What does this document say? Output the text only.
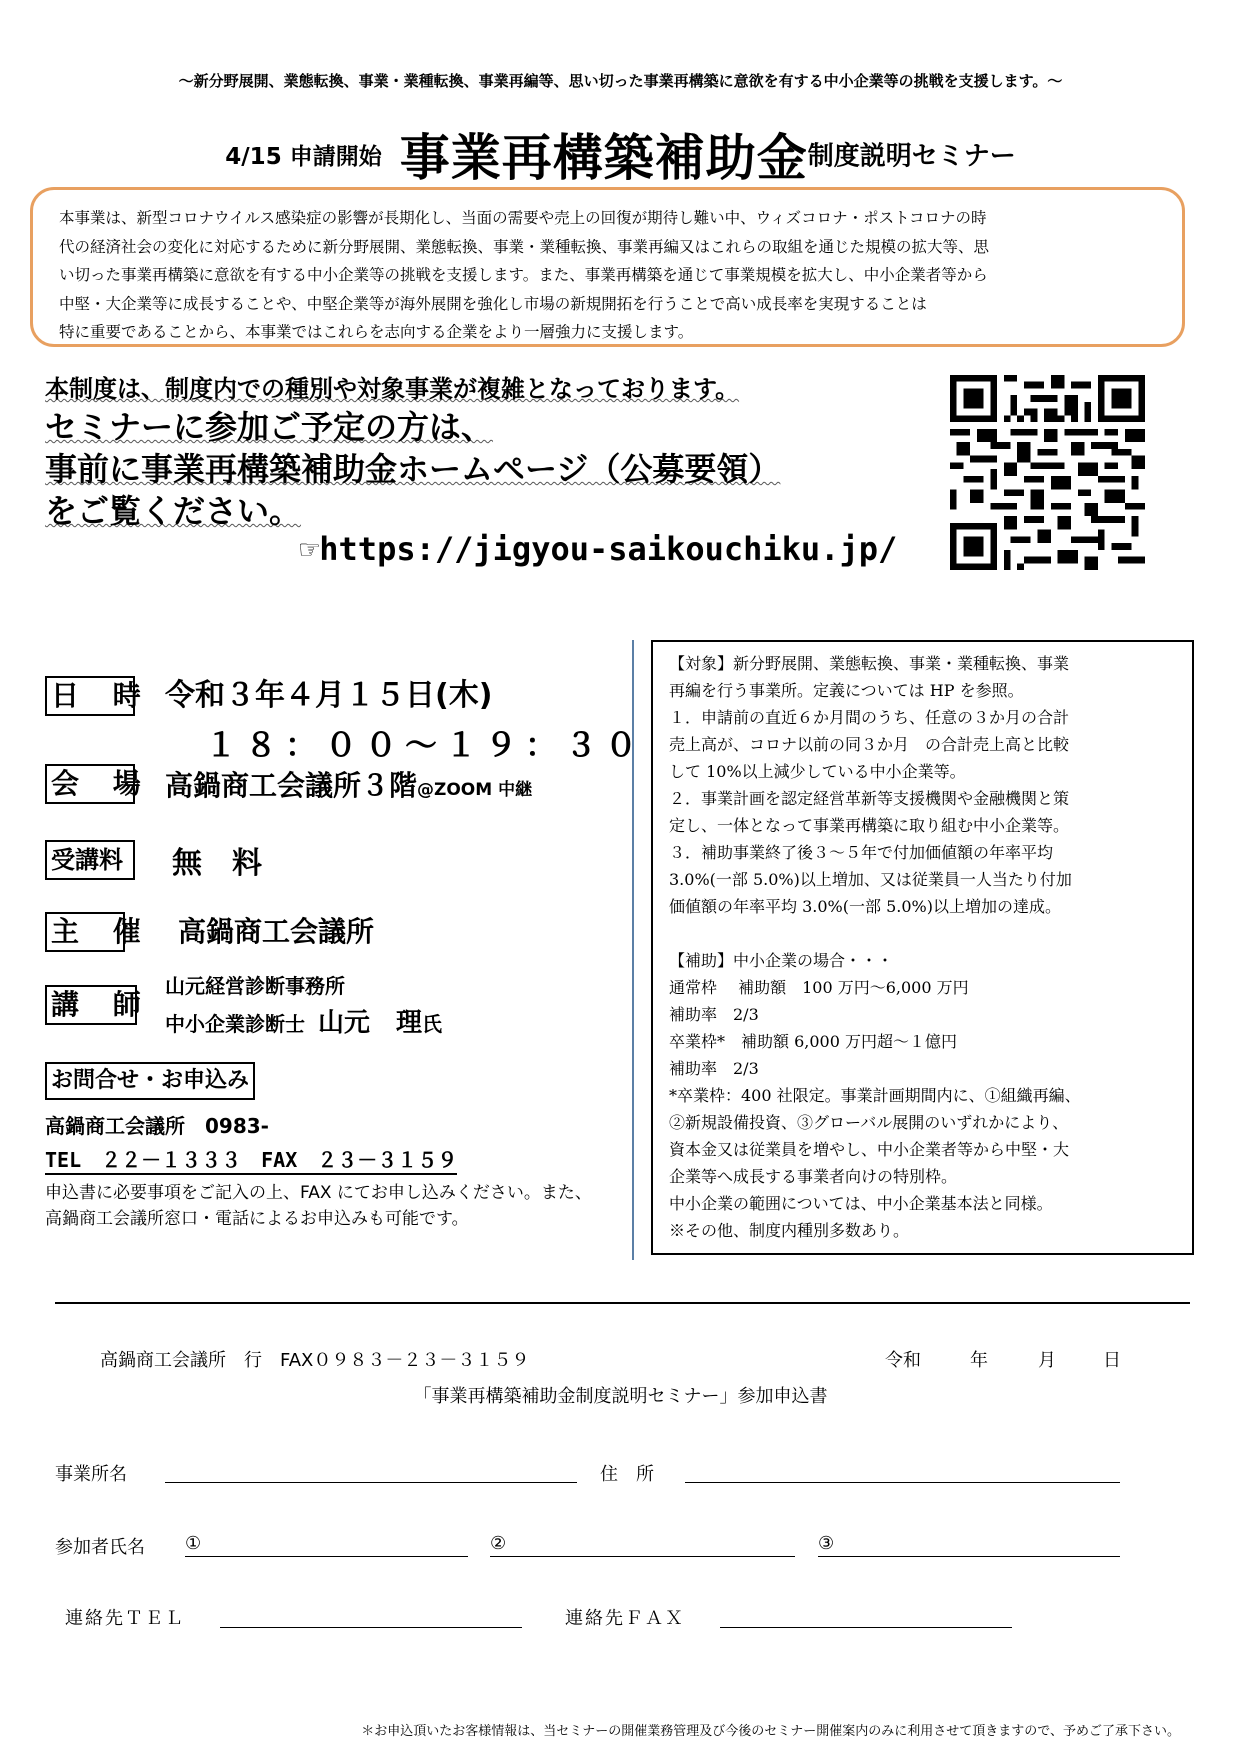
～新分野展開、業態転換、事業・業種転換、事業再編等、思い切った事業再構築に意欲を有する中小企業等の挑戦を支援します。～
4/15 申請開始 事業再構築補助金制度説明セミナー
本事業は、新型コロナウイルス感染症の影響が長期化し、当面の需要や売上の回復が期待し難い中、ウィズコロナ・ポストコロナの時
代の経済社会の変化に対応するために新分野展開、業態転換、事業・業種転換、事業再編又はこれらの取組を通じた規模の拡大等、思
い切った事業再構築に意欲を有する中小企業等の挑戦を支援します。また、事業再構築を通じて事業規模を拡大し、中小企業者等から
中堅・大企業等に成長することや、中堅企業等が海外展開を強化し市場の新規開拓を行うことで高い成長率を実現することは
特に重要であることから、本事業ではこれらを志向する企業をより一層強力に支援します。
本制度は、制度内での種別や対象事業が複雑となっております。
セミナーに参加ご予定の方は、
事前に事業再構築補助金ホームページ（公募要領）
をご覧ください。
☞https://jigyou-saikouchiku.jp/
日 時 令和３年４月１５日(木)
１８：００～１９：３０
会 場 高鍋商工会議所３階@ZOOM 中継
受講料	無　料
主 催 高鍋商工会議所
講 師
山元経営診断事務所
中小企業診断士 山元　理氏
お問合せ・お申込み
高鍋商工会議所　0983-
TEL　２２－１３３３　FAX　２３－３１５９
申込書に必要事項をご記入の上、FAX にてお申し込みください。また、高鍋商工会議所窓口・電話によるお申込みも可能です。

【対象】新分野展開、業態転換、事業・業種転換、事業

再編を行う事業所。定義については HP を参照。

１．申請前の直近６か月間のうち、任意の３か月の合計

売上高が、コロナ以前の同３か月　の合計売上高と比較

して 10%以上減少している中小企業等。

２．事業計画を認定経営革新等支援機関や金融機関と策

定し、一体となって事業再構築に取り組む中小企業等。

３．補助事業終了後３～５年で付加価値額の年率平均

3.0%(一部 5.0%)以上増加、又は従業員一人当たり付加

価値額の年率平均 3.0%(一部 5.0%)以上増加の達成。

【補助】中小企業の場合・・・

通常枠　 補助額　100 万円～6,000 万円

補助率　2/3

卒業枠*　補助額 6,000 万円超～１億円

補助率　2/3

*卒業枠：400 社限定。事業計画期間内に、①組織再編、

②新規設備投資、③グローバル展開のいずれかにより、

資本金又は従業員を増やし、中小企業者等から中堅・大

企業等へ成長する事業者向けの特別枠。

中小企業の範囲については、中小企業基本法と同様。

※その他、制度内種別多数あり。

高鍋商工会議所　行　FAX０９８３－２３－３１５９	令和	年	月	日
「事業再構築補助金制度説明セミナー」参加申込書
事業所名	住　所
参加者氏名 ①	②	③
連絡先ＴＥＬ	連絡先ＦＡＸ
＊お申込頂いたお客様情報は、当セミナーの開催業務管理及び今後のセミナー開催案内のみに利用させて頂きますので、予めご了承下さい。
